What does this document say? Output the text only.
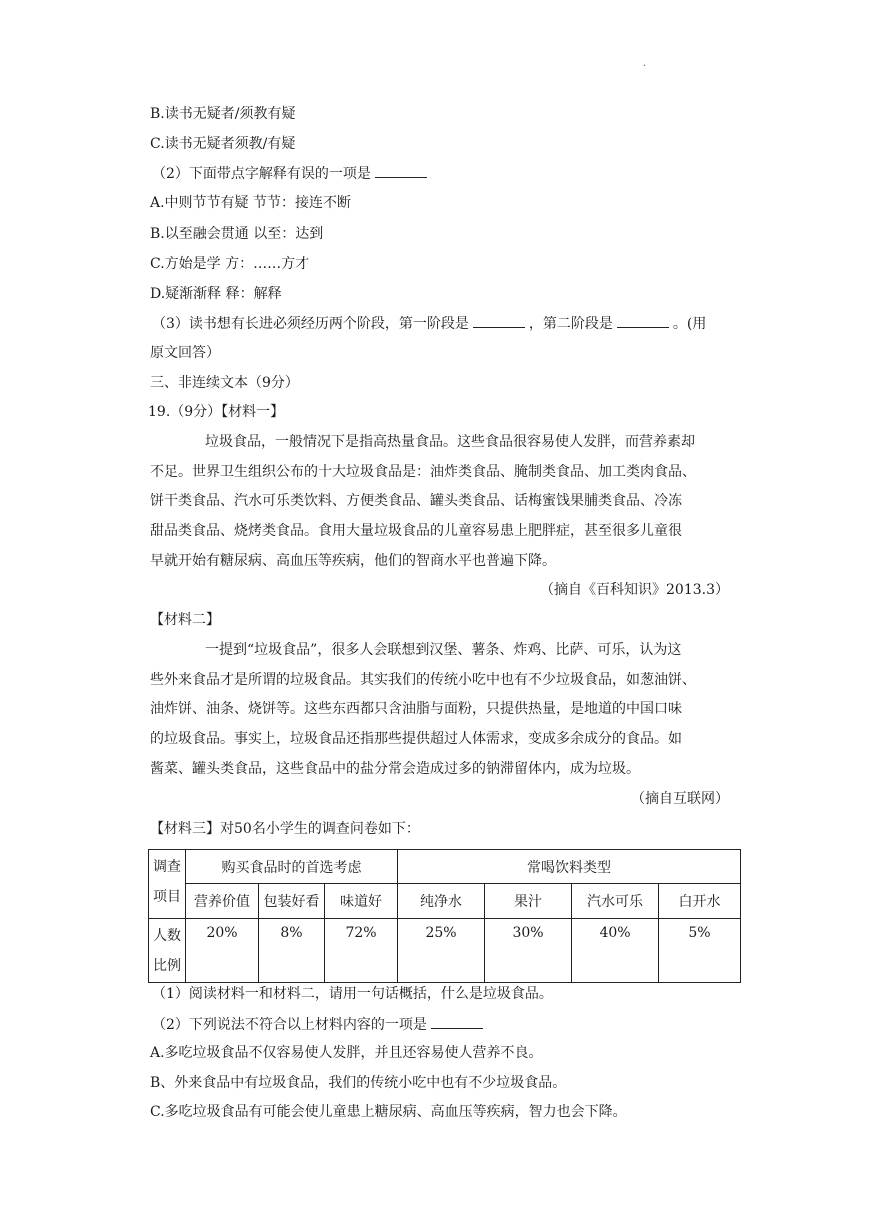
.
B.读书无疑者/须教有疑
C.读书无疑者须教/有疑
（2）下面带点字解释有误的一项是
A.中则节节有疑 节节：接连不断
B.以至融会贯通 以至：达到
C.方始是学 方：……方才
D.疑渐渐释 释：解释
（3）读书想有长进必须经历两个阶段，第一阶段是	，第二阶段是	。(用
原文回答）
三、非连续文本（9分）
19.（9分）【材料一】
垃圾食品，一般情况下是指高热量食品。这些食品很容易使人发胖，而营养素却
不足。世界卫生组织公布的十大垃圾食品是：油炸类食品、腌制类食品、加工类肉食品、
饼干类食品、汽水可乐类饮料、方便类食品、罐头类食品、话梅蜜饯果脯类食品、冷冻
甜品类食品、烧烤类食品。食用大量垃圾食品的儿童容易患上肥胖症，甚至很多儿童很
早就开始有糖尿病、高血压等疾病，他们的智商水平也普遍下降。
（摘自《百科知识》2013.3）
【材料二】
一提到“垃圾食品”，很多人会联想到汉堡、薯条、炸鸡、比萨、可乐，认为这
些外来食品才是所谓的垃圾食品。其实我们的传统小吃中也有不少垃圾食品，如葱油饼、
油炸饼、油条、烧饼等。这些东西都只含油脂与面粉，只提供热量，是地道的中国口味
的垃圾食品。事实上，垃圾食品还指那些提供超过人体需求，变成多余成分的食品。如
酱菜、罐头类食品，这些食品中的盐分常会造成过多的钠滞留体内，成为垃圾。
（摘自互联网）
【材料三】对50名小学生的调查问卷如下：
调查
项目	购买食品时的首选考虑			常喝饮料类型			
	营养价值	包装好看	味道好	纯净水	果汁	汽水可乐	白开水

人数
比例	20%	8%	72%	25%	30%	40%	5%
（1）阅读材料一和材料二，请用一句话概括，什么是垃圾食品。
（2）下列说法不符合以上材料内容的一项是
A.多吃垃圾食品不仅容易使人发胖，并且还容易使人营养不良。
B、外来食品中有垃圾食品，我们的传统小吃中也有不少垃圾食品。
C.多吃垃圾食品有可能会使儿童患上糖尿病、高血压等疾病，智力也会下降。
